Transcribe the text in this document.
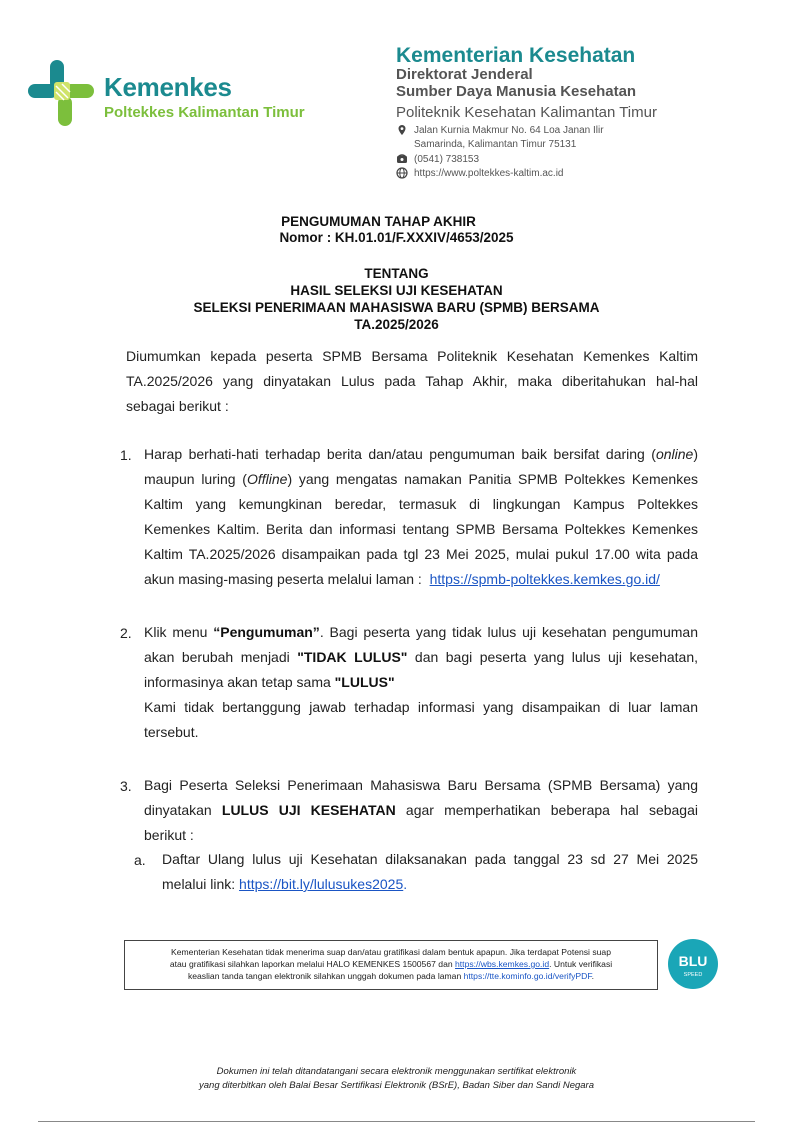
Kemenkes
Poltekkes Kalimantan Timur
Kementerian Kesehatan
Direktorat Jenderal
Sumber Daya Manusia Kesehatan
Politeknik Kesehatan Kalimantan Timur
Jalan Kurnia Makmur No. 64 Loa Janan Ilir
Samarinda, Kalimantan Timur 75131
(0541) 738153
https://www.poltekkes-kaltim.ac.id
PENGUMUMAN TAHAP AKHIR
Nomor : KH.01.01/F.XXXIV/4653/2025
TENTANG
HASIL SELEKSI UJI KESEHATAN
SELEKSI PENERIMAAN MAHASISWA BARU (SPMB) BERSAMA
TA.2025/2026
Diumumkan kepada peserta SPMB Bersama Politeknik Kesehatan Kemenkes Kaltim
TA.2025/2026 yang dinyatakan Lulus pada Tahap Akhir, maka diberitahukan hal-hal
sebagai berikut :
1. Harap berhati-hati terhadap berita dan/atau pengumuman baik bersifat daring (online)
maupun luring (Offline) yang mengatas namakan Panitia SPMB Poltekkes Kemenkes
Kaltim yang kemungkinan beredar, termasuk di lingkungan Kampus Poltekkes
Kemenkes Kaltim. Berita dan informasi tentang SPMB Bersama Poltekkes Kemenkes
Kaltim TA.2025/2026 disampaikan pada tgl 23 Mei 2025, mulai pukul 17.00 wita pada
akun masing-masing peserta melalui laman : https://spmb-poltekkes.kemkes.go.id/
2. Klik menu “Pengumuman”. Bagi peserta yang tidak lulus uji kesehatan pengumuman
akan berubah menjadi "TIDAK LULUS" dan bagi peserta yang lulus uji kesehatan,
informasinya akan tetap sama "LULUS"
Kami tidak bertanggung jawab terhadap informasi yang disampaikan di luar laman
tersebut.
3. Bagi Peserta Seleksi Penerimaan Mahasiswa Baru Bersama (SPMB Bersama) yang
dinyatakan LULUS UJI KESEHATAN agar memperhatikan beberapa hal sebagai
berikut :
a. Daftar Ulang lulus uji Kesehatan dilaksanakan pada tanggal 23 sd 27 Mei 2025
melalui link: https://bit.ly/lulusukes2025.
Kementerian Kesehatan tidak menerima suap dan/atau gratifikasi dalam bentuk apapun. Jika terdapat Potensi suap
atau gratifikasi silahkan laporkan melalui HALO KEMENKES 1500567 dan https://wbs.kemkes.go.id. Untuk verifikasi
keaslian tanda tangan elektronik silahkan unggah dokumen pada laman https://tte.kominfo.go.id/verifyPDF.
BLU
SPEED
Dokumen ini telah ditandatangani secara elektronik menggunakan sertifikat elektronik
yang diterbitkan oleh Balai Besar Sertifikasi Elektronik (BSrE), Badan Siber dan Sandi Negara
